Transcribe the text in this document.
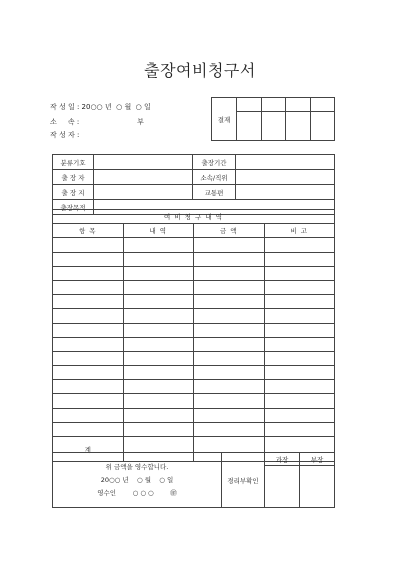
출장여비청구서
작 성 일 : 20○○ 년  ○ 월  ○ 일
소     속 :                          부
작 성 자 :
결재				

분류기호		출장기간	
출 장 자		소속/직위	
출 장 지		교통편	
출장목적			
여 비 청 구 내 역			
항 목	내 역	금 액	비 고

계			
위 금액을 영수합니다.
20○○ 년    ○ 월    ○ 일
영수인        ○ ○ ○        ㊞	경리부확인	과장	부장
